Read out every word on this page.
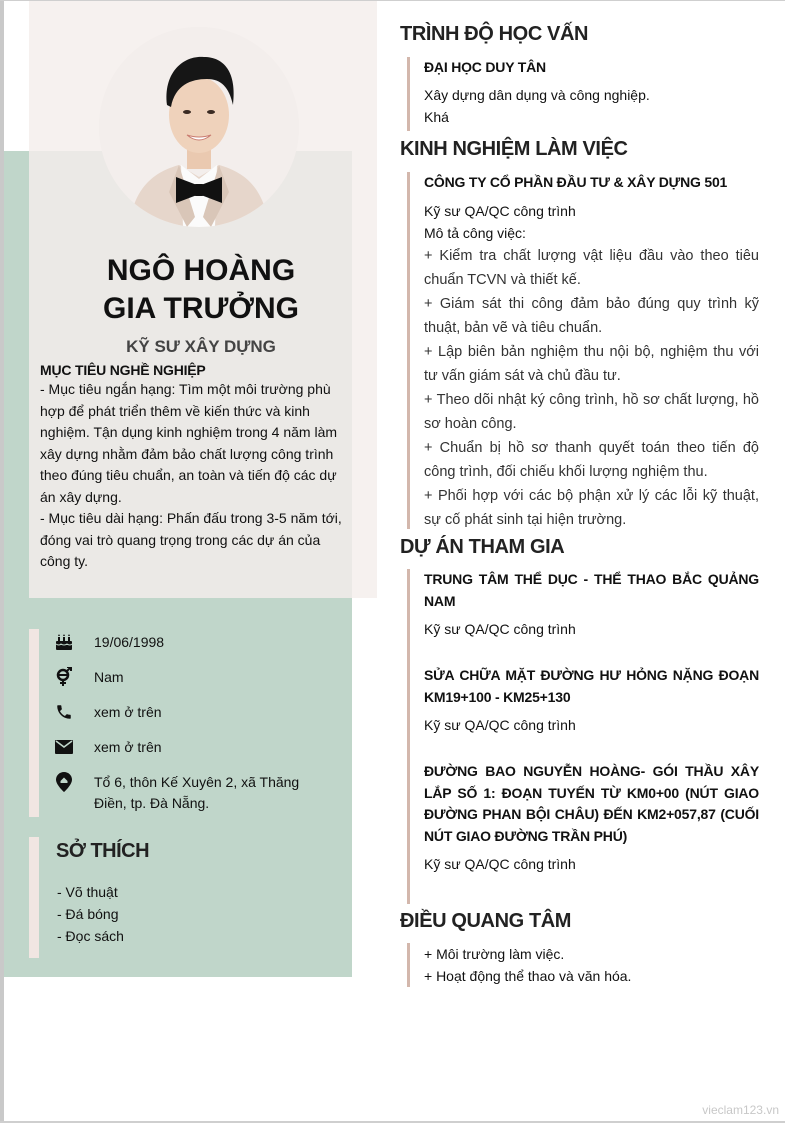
NGÔ HOÀNG
GIA TRƯỞNG
KỸ SƯ XÂY DỰNG
MỤC TIÊU NGHỀ NGHIỆP

- Mục tiêu ngắn hạng: Tìm một môi trường phù hợp để phát triển thêm về kiến thức và kinh nghiệm. Tận dụng kinh nghiệm trong 4 năm làm xây dựng nhằm đảm bảo chất lượng công trình theo đúng tiêu chuẩn, an toàn và tiến độ các dự án xây dựng.

- Mục tiêu dài hạng: Phấn đấu trong 3-5 năm tới, đóng vai trò quang trọng trong các dự án của công ty.

19/06/1998
Nam
xem ở trên
xem ở trên
Tổ 6, thôn Kế Xuyên 2, xã Thăng Điền, tp. Đà Nẵng.
SỞ THÍCH
- Võ thuật
- Đá bóng
- Đọc sách
TRÌNH ĐỘ HỌC VẤN
ĐẠI HỌC DUY TÂN
Xây dựng dân dụng và công nghiệp.
Khá
KINH NGHIỆM LÀM VIỆC
CÔNG TY CỔ PHẦN ĐẦU TƯ & XÂY DỰNG 501
Kỹ sư QA/QC công trình
Mô tả công việc:
+ Kiểm tra chất lượng vật liệu đầu vào theo tiêu chuẩn TCVN và thiết kế.
+ Giám sát thi công đảm bảo đúng quy trình kỹ thuật, bản vẽ và tiêu chuẩn.
+ Lập biên bản nghiệm thu nội bộ, nghiệm thu với tư vấn giám sát và chủ đầu tư.
+ Theo dõi nhật ký công trình, hồ sơ chất lượng, hồ sơ hoàn công.
+ Chuẩn bị hồ sơ thanh quyết toán theo tiến độ công trình, đối chiếu khối lượng nghiệm thu.
+ Phối hợp với các bộ phận xử lý các lỗi kỹ thuật, sự cố phát sinh tại hiện trường.
DỰ ÁN THAM GIA
TRUNG TÂM THỂ DỤC - THỂ THAO BẮC QUẢNG NAM
Kỹ sư QA/QC công trình
SỬA CHỮA MẶT ĐƯỜNG HƯ HỎNG NẶNG ĐOẠN KM19+100 - KM25+130
Kỹ sư QA/QC công trình
ĐƯỜNG BAO NGUYỄN HOÀNG- GÓI THẦU XÂY LẮP SỐ 1: ĐOẠN TUYẾN TỪ KM0+00 (NÚT GIAO ĐƯỜNG PHAN BỘI CHÂU) ĐẾN KM2+057,87 (CUỐI NÚT GIAO ĐƯỜNG TRẦN PHÚ)
Kỹ sư QA/QC công trình
ĐIỀU QUANG TÂM
+ Môi trường làm việc.
+ Hoạt động thể thao và văn hóa.
vieclam123.vn
